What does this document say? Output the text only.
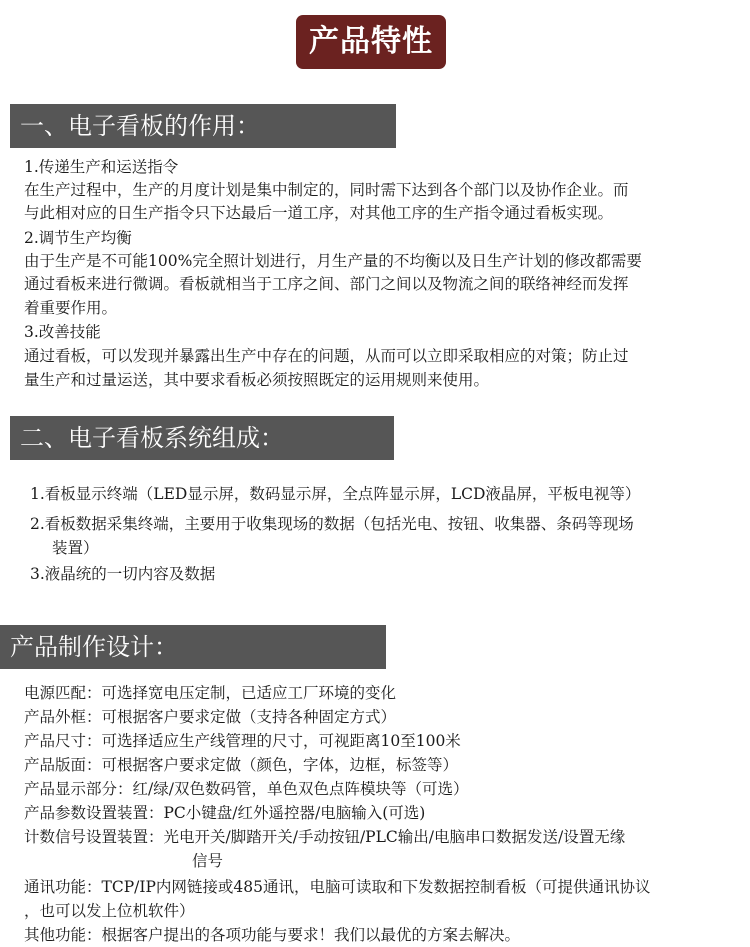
产品特性
一、电子看板的作用：
1.传递生产和运送指令
在生产过程中，生产的月度计划是集中制定的，同时需下达到各个部门以及协作企业。而
与此相对应的日生产指令只下达最后一道工序，对其他工序的生产指令通过看板实现。
2.调节生产均衡
由于生产是不可能100%完全照计划进行，月生产量的不均衡以及日生产计划的修改都需要
通过看板来进行微调。看板就相当于工序之间、部门之间以及物流之间的联络神经而发挥
着重要作用。
3.改善技能
通过看板，可以发现并暴露出生产中存在的问题，从而可以立即采取相应的对策；防止过
量生产和过量运送，其中要求看板必须按照既定的运用规则来使用。
二、电子看板系统组成：
1.看板显示终端（LED显示屏，数码显示屏，全点阵显示屏，LCD液晶屏，平板电视等）
2.看板数据采集终端，主要用于收集现场的数据（包括光电、按钮、收集器、条码等现场
装置）
3.液晶统的一切内容及数据
产品制作设计：
电源匹配：可选择宽电压定制，已适应工厂环境的变化
产品外框：可根据客户要求定做（支持各种固定方式）
产品尺寸：可选择适应生产线管理的尺寸，可视距离10至100米
产品版面：可根据客户要求定做（颜色，字体，边框，标签等）
产品显示部分：红/绿/双色数码管，单色双色点阵模块等（可选）
产品参数设置装置：PC小键盘/红外遥控器/电脑输入(可选)
计数信号设置装置：光电开关/脚踏开关/手动按钮/PLC输出/电脑串口数据发送/设置无缘
信号
通讯功能：TCP/IP内网链接或485通讯，电脑可读取和下发数据控制看板（可提供通讯协议
，也可以发上位机软件）
其他功能：根据客户提出的各项功能与要求！我们以最优的方案去解决。
